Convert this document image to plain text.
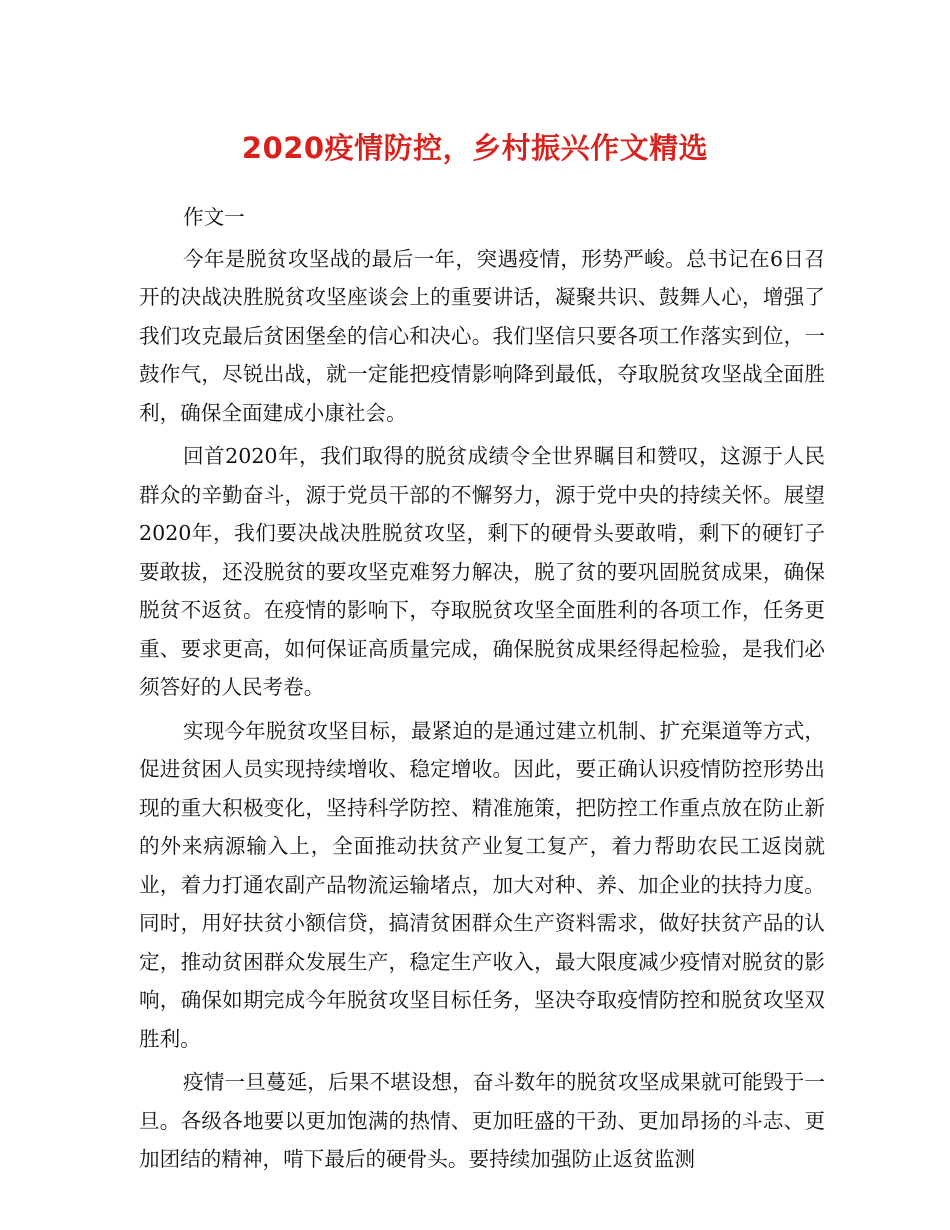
2020疫情防控，乡村振兴作文精选

作文一

今年是脱贫攻坚战的最后一年，突遇疫情，形势严峻。总书记在6日召开的决战决胜脱贫攻坚座谈会上的重要讲话，凝聚共识、鼓舞人心，增强了我们攻克最后贫困堡垒的信心和决心。我们坚信只要各项工作落实到位，一鼓作气，尽锐出战，就一定能把疫情影响降到最低，夺取脱贫攻坚战全面胜利，确保全面建成小康社会。

回首2020年，我们取得的脱贫成绩令全世界瞩目和赞叹，这源于人民群众的辛勤奋斗，源于党员干部的不懈努力，源于党中央的持续关怀。展望2020年，我们要决战决胜脱贫攻坚，剩下的硬骨头要敢啃，剩下的硬钉子要敢拔，还没脱贫的要攻坚克难努力解决，脱了贫的要巩固脱贫成果，确保脱贫不返贫。在疫情的影响下，夺取脱贫攻坚全面胜利的各项工作，任务更重、要求更高，如何保证高质量完成，确保脱贫成果经得起检验，是我们必须答好的人民考卷。

实现今年脱贫攻坚目标，最紧迫的是通过建立机制、扩充渠道等方式，促进贫困人员实现持续增收、稳定增收。因此，要正确认识疫情防控形势出现的重大积极变化，坚持科学防控、精准施策，把防控工作重点放在防止新的外来病源输入上，全面推动扶贫产业复工复产，着力帮助农民工返岗就业，着力打通农副产品物流运输堵点，加大对种、养、加企业的扶持力度。同时，用好扶贫小额信贷，搞清贫困群众生产资料需求，做好扶贫产品的认定，推动贫困群众发展生产，稳定生产收入，最大限度减少疫情对脱贫的影响，确保如期完成今年脱贫攻坚目标任务，坚决夺取疫情防控和脱贫攻坚双胜利。

疫情一旦蔓延，后果不堪设想，奋斗数年的脱贫攻坚成果就可能毁于一旦。各级各地要以更加饱满的热情、更加旺盛的干劲、更加昂扬的斗志、更加团结的精神，啃下最后的硬骨头。要持续加强防止返贫监测
